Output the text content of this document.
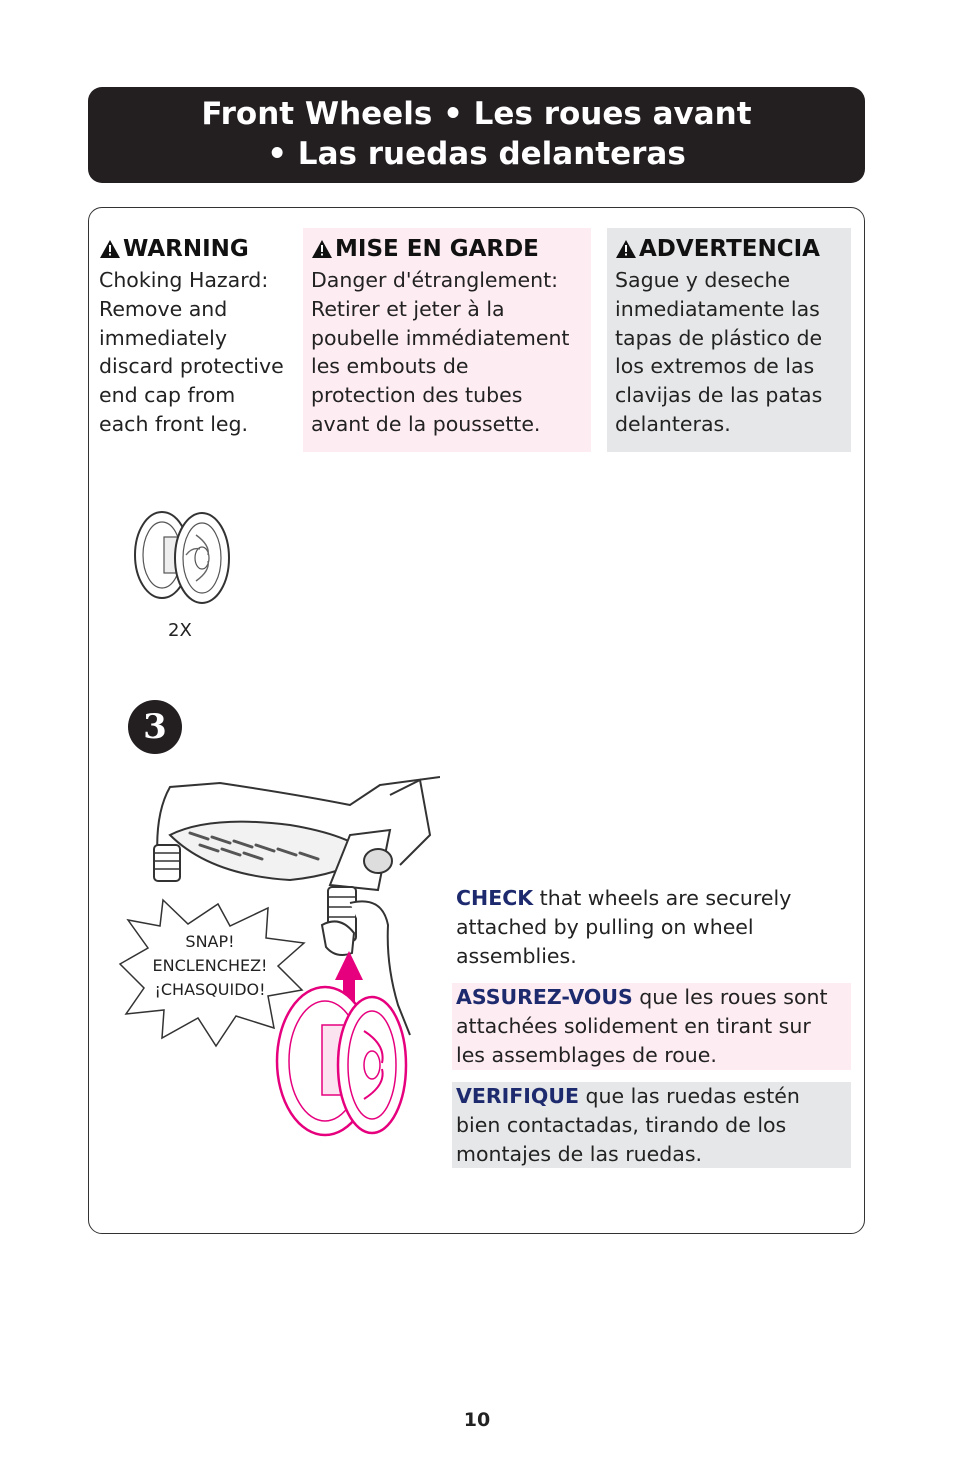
Front Wheels • Les roues avant
• Las ruedas delanteras
WARNING
Choking Hazard:
Remove and
immediately
discard protective
end cap from
each front leg.
MISE EN GARDE
Danger d'étranglement:
Retirer et jeter à la
poubelle immédiatement
les embouts de
protection des tubes
avant de la poussette.
ADVERTENCIA
Sague y deseche
inmediatamente las
tapas de plástico de
los extremos de las
clavijas de las patas
delanteras.
2X
3
SNAP!
ENCLENCHEZ!
¡CHASQUIDO!
CHECK that wheels are securely
attached by pulling on wheel
assemblies.
ASSUREZ-VOUS que les roues sont
attachées solidement en tirant sur
les assemblages de roue.
VERIFIQUE que las ruedas estén
bien contactadas, tirando de los
montajes de las ruedas.
10
